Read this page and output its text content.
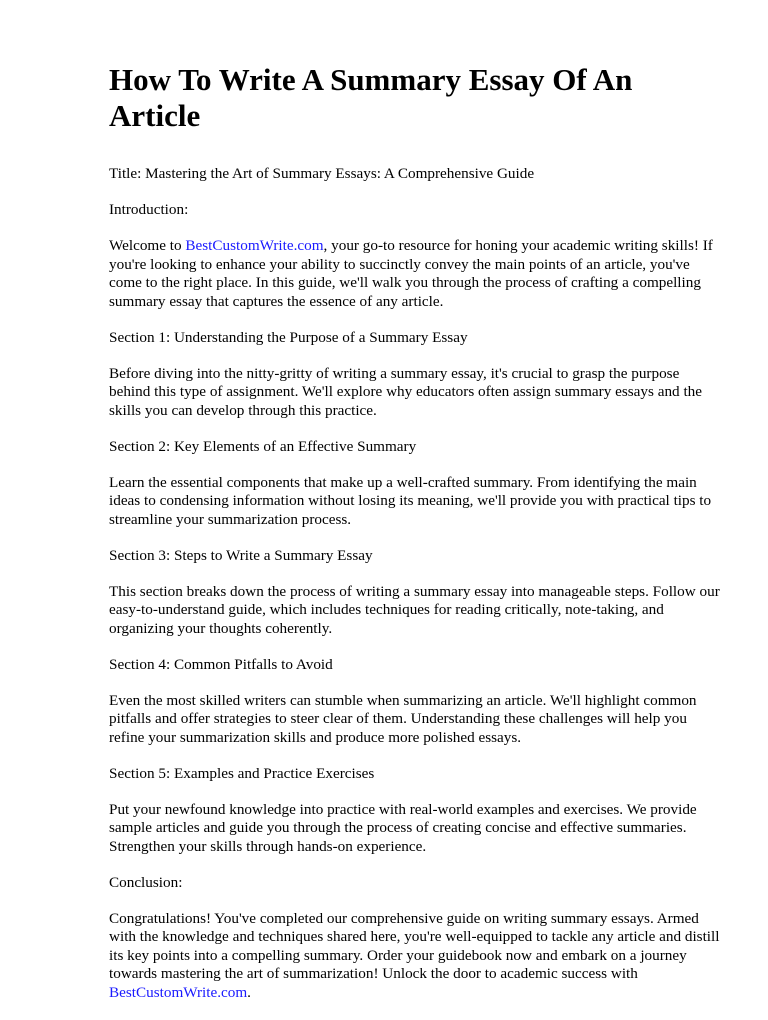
How To Write A Summary Essay Of An Article

Title: Mastering the Art of Summary Essays: A Comprehensive Guide

Introduction:

Welcome to BestCustomWrite.com, your go-to resource for honing your academic writing skills! If you're looking to enhance your ability to succinctly convey the main points of an article, you've come to the right place. In this guide, we'll walk you through the process of crafting a compelling summary essay that captures the essence of any article.

Section 1: Understanding the Purpose of a Summary Essay

Before diving into the nitty-gritty of writing a summary essay, it's crucial to grasp the purpose behind this type of assignment. We'll explore why educators often assign summary essays and the skills you can develop through this practice.

Section 2: Key Elements of an Effective Summary

Learn the essential components that make up a well-crafted summary. From identifying the main ideas to condensing information without losing its meaning, we'll provide you with practical tips to streamline your summarization process.

Section 3: Steps to Write a Summary Essay

This section breaks down the process of writing a summary essay into manageable steps. Follow our easy-to-understand guide, which includes techniques for reading critically, note-taking, and organizing your thoughts coherently.

Section 4: Common Pitfalls to Avoid

Even the most skilled writers can stumble when summarizing an article. We'll highlight common pitfalls and offer strategies to steer clear of them. Understanding these challenges will help you refine your summarization skills and produce more polished essays.

Section 5: Examples and Practice Exercises

Put your newfound knowledge into practice with real-world examples and exercises. We provide sample articles and guide you through the process of creating concise and effective summaries. Strengthen your skills through hands-on experience.

Conclusion:

Congratulations! You've completed our comprehensive guide on writing summary essays. Armed with the knowledge and techniques shared here, you're well-equipped to tackle any article and distill its key points into a compelling summary. Order your guidebook now and embark on a journey towards mastering the art of summarization! Unlock the door to academic success with BestCustomWrite.com.
